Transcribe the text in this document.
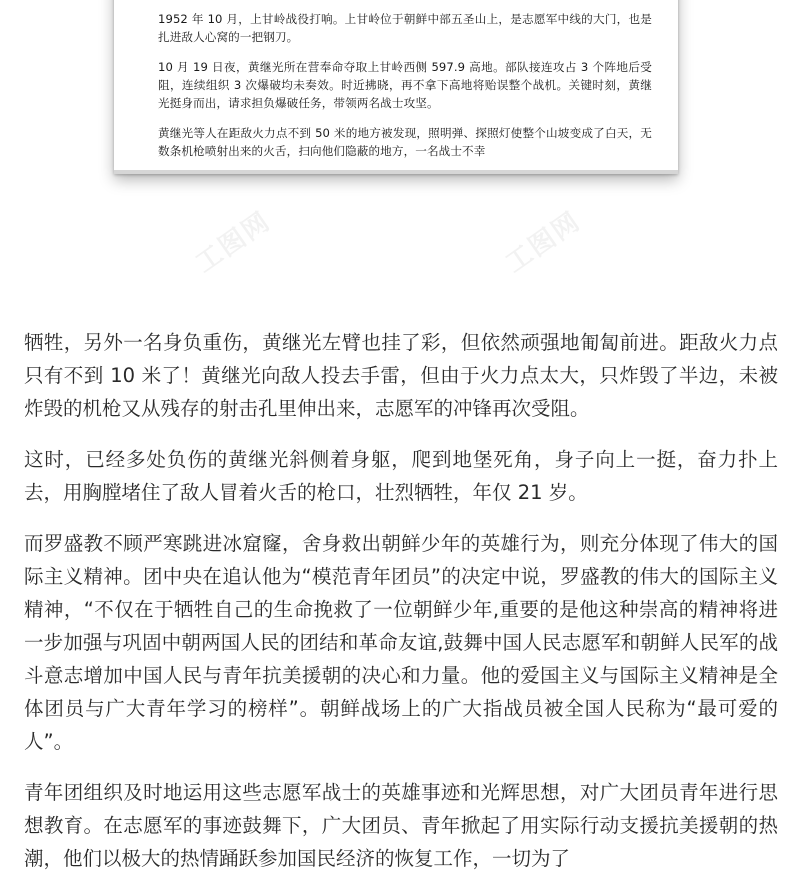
1952 年 10 月，上甘岭战役打响。上甘岭位于朝鲜中部五圣山上，是志愿军中线的大门，也是扎进敌人心窝的一把钢刀。

10 月 19 日夜，黄继光所在营奉命夺取上甘岭西侧 597.9 高地。部队接连攻占 3 个阵地后受阻，连续组织 3 次爆破均未奏效。时近拂晓，再不拿下高地将贻误整个战机。关键时刻，黄继光挺身而出，请求担负爆破任务，带领两名战士攻坚。

黄继光等人在距敌火力点不到 50 米的地方被发现，照明弹、探照灯使整个山坡变成了白天，无数条机枪喷射出来的火舌，扫向他们隐蔽的地方，一名战士不幸

工图网	工图网

牺牲，另外一名身负重伤，黄继光左臂也挂了彩，但依然顽强地匍匐前进。距敌火力点只有不到 10 米了！黄继光向敌人投去手雷，但由于火力点太大，只炸毁了半边，未被炸毁的机枪又从残存的射击孔里伸出来，志愿军的冲锋再次受阻。

这时，已经多处负伤的黄继光斜侧着身躯，爬到地堡死角，身子向上一挺，奋力扑上去，用胸膛堵住了敌人冒着火舌的枪口，壮烈牺牲，年仅 21 岁。

而罗盛教不顾严寒跳进冰窟窿，舍身救出朝鲜少年的英雄行为，则充分体现了伟大的国际主义精神。团中央在追认他为“模范青年团员”的决定中说，罗盛教的伟大的国际主义精神，“不仅在于牺牲自己的生命挽救了一位朝鲜少年,重要的是他这种崇高的精神将进一步加强与巩固中朝两国人民的团结和革命友谊,鼓舞中国人民志愿军和朝鲜人民军的战斗意志增加中国人民与青年抗美援朝的决心和力量。他的爱国主义与国际主义精神是全体团员与广大青年学习的榜样”。朝鲜战场上的广大指战员被全国人民称为“最可爱的人”。

青年团组织及时地运用这些志愿军战士的英雄事迹和光辉思想，对广大团员青年进行思想教育。在志愿军的事迹鼓舞下，广大团员、青年掀起了用实际行动支援抗美援朝的热潮，他们以极大的热情踊跃参加国民经济的恢复工作，一切为了
